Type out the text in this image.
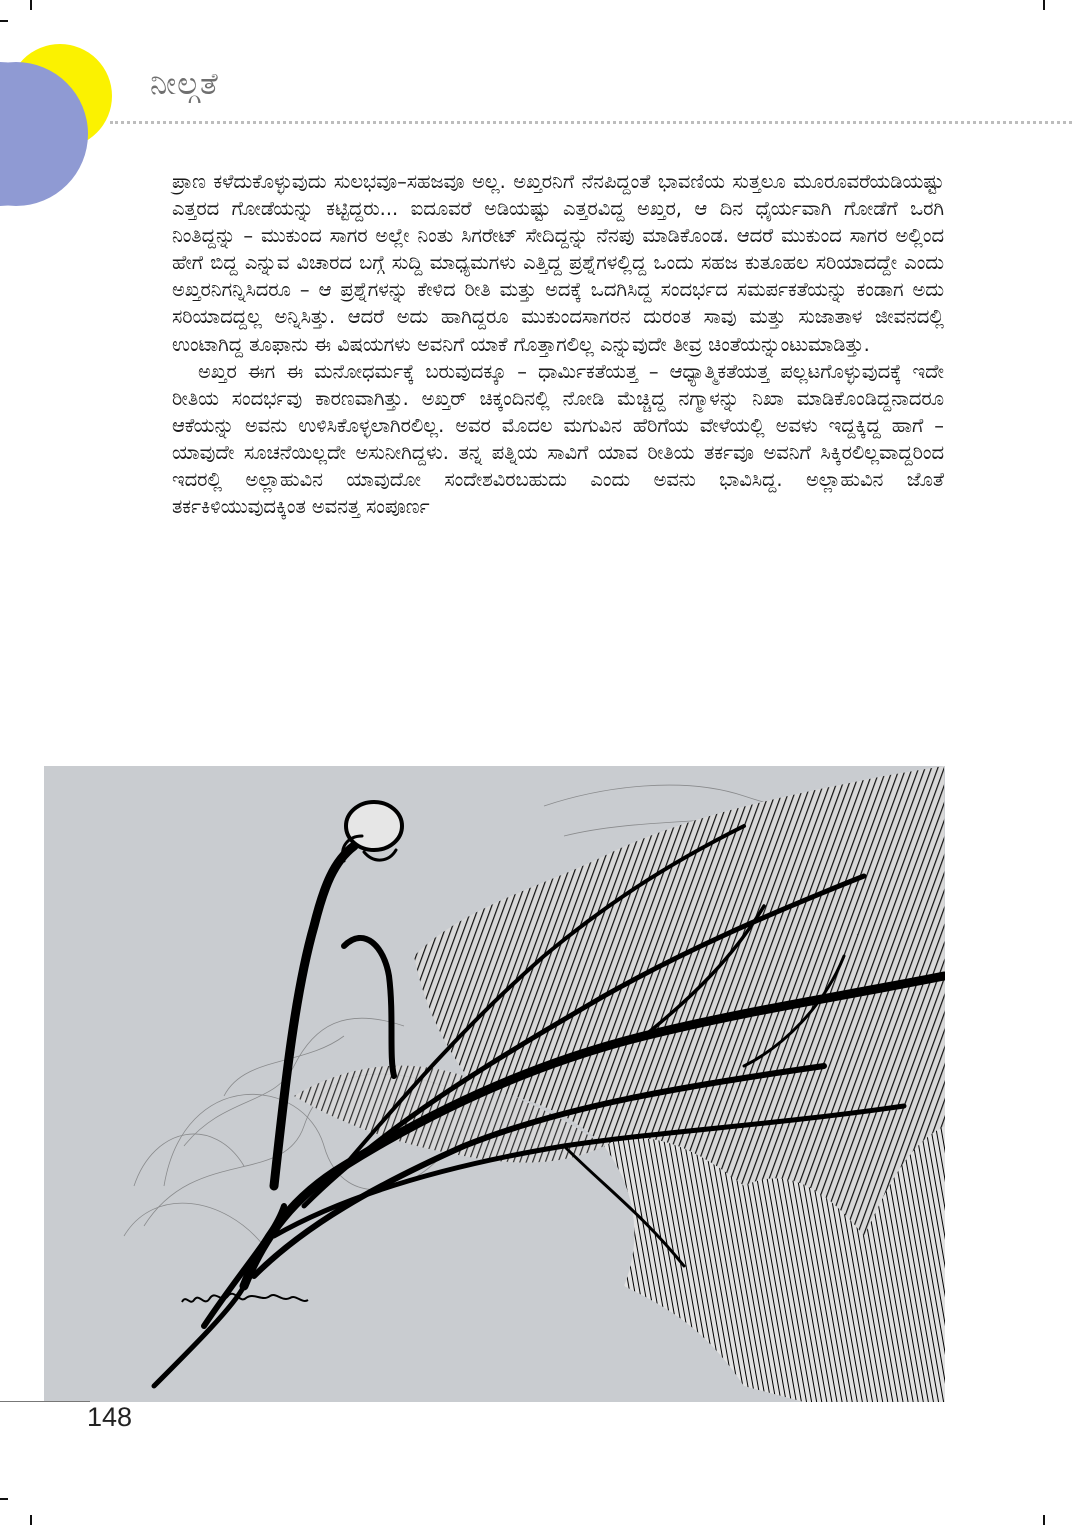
ನೀಲ್ಗತೆ

ಪ್ರಾಣ ಕಳೆದುಕೊಳ್ಳುವುದು ಸುಲಭವೂ–ಸಹಜವೂ ಅಲ್ಲ. ಅಖ್ತರನಿಗೆ ನೆನಪಿದ್ದಂತೆ ಭಾವಣಿಯ ಸುತ್ತಲೂ ಮೂರೂವರೆಯಡಿಯಷ್ಟು ಎತ್ತರದ ಗೋಡೆಯನ್ನು ಕಟ್ಟಿದ್ದರು... ಐದೂವರೆ ಅಡಿಯಷ್ಟು ಎತ್ತರವಿದ್ದ ಅಖ್ತರ, ಆ ದಿನ ಧೈರ್ಯವಾಗಿ ಗೋಡೆಗೆ ಒರಗಿ ನಿಂತಿದ್ದನ್ನು – ಮುಕುಂದ ಸಾಗರ ಅಲ್ಲೇ ನಿಂತು ಸಿಗರೇಟ್ ಸೇದಿದ್ದನ್ನು ನೆನಪು ಮಾಡಿಕೊಂಡ. ಆದರೆ ಮುಕುಂದ ಸಾಗರ ಅಲ್ಲಿಂದ ಹೇಗೆ ಬಿದ್ದ ಎನ್ನುವ ವಿಚಾರದ ಬಗ್ಗೆ ಸುದ್ದಿ ಮಾಧ್ಯಮಗಳು ಎತ್ತಿದ್ದ ಪ್ರಶ್ನೆಗಳಲ್ಲಿದ್ದ ಒಂದು ಸಹಜ ಕುತೂಹಲ ಸರಿಯಾದದ್ದೇ ಎಂದು ಅಖ್ತರನಿಗನ್ನಿಸಿದರೂ – ಆ ಪ್ರಶ್ನೆಗಳನ್ನು ಕೇಳಿದ ರೀತಿ ಮತ್ತು ಅದಕ್ಕೆ ಒದಗಿಸಿದ್ದ ಸಂದರ್ಭದ ಸಮರ್ಪಕತೆಯನ್ನು ಕಂಡಾಗ ಅದು ಸರಿಯಾದದ್ದಲ್ಲ ಅನ್ನಿಸಿತ್ತು. ಆದರೆ ಅದು ಹಾಗಿದ್ದರೂ ಮುಕುಂದಸಾಗರನ ದುರಂತ ಸಾವು ಮತ್ತು ಸುಜಾತಾಳ ಜೀವನದಲ್ಲಿ ಉಂಟಾಗಿದ್ದ ತೂಫಾನು ಈ ವಿಷಯಗಳು ಅವನಿಗೆ ಯಾಕೆ ಗೊತ್ತಾಗಲಿಲ್ಲ ಎನ್ನುವುದೇ ತೀವ್ರ ಚಿಂತೆಯನ್ನುಂಟುಮಾಡಿತ್ತು.

ಅಖ್ತರ ಈಗ ಈ ಮನೋಧರ್ಮಕ್ಕೆ ಬರುವುದಕ್ಕೂ – ಧಾರ್ಮಿಕತೆಯತ್ತ – ಆಧ್ಯಾತ್ಮಿಕತೆಯತ್ತ ಪಲ್ಲಟಗೊಳ್ಳುವುದಕ್ಕೆ ಇದೇ ರೀತಿಯ ಸಂದರ್ಭವು ಕಾರಣವಾಗಿತ್ತು. ಅಖ್ತರ್ ಚಿಕ್ಕಂದಿನಲ್ಲಿ ನೋಡಿ ಮೆಚ್ಚಿದ್ದ ನಗ್ಮಾಳನ್ನು ನಿಖಾ ಮಾಡಿಕೊಂಡಿದ್ದನಾದರೂ ಆಕೆಯನ್ನು ಅವನು ಉಳಿಸಿಕೊಳ್ಳಲಾಗಿರಲಿಲ್ಲ. ಅವರ ಮೊದಲ ಮಗುವಿನ ಹೆರಿಗೆಯ ವೇಳೆಯಲ್ಲಿ ಅವಳು ಇದ್ದಕ್ಕಿದ್ದ ಹಾಗೆ – ಯಾವುದೇ ಸೂಚನೆಯಿಲ್ಲದೇ ಅಸುನೀಗಿದ್ದಳು. ತನ್ನ ಪತ್ನಿಯ ಸಾವಿಗೆ ಯಾವ ರೀತಿಯ ತರ್ಕವೂ ಅವನಿಗೆ ಸಿಕ್ಕಿರಲಿಲ್ಲವಾದ್ದರಿಂದ ಇದರಲ್ಲಿ ಅಲ್ಲಾಹುವಿನ ಯಾವುದೋ ಸಂದೇಶವಿರಬಹುದು ಎಂದು ಅವನು ಭಾವಿಸಿದ್ದ. ಅಲ್ಲಾಹುವಿನ ಜೊತೆ ತರ್ಕಕಿಳಿಯುವುದಕ್ಕಿಂತ ಅವನತ್ತ ಸಂಪೂರ್ಣ

148
